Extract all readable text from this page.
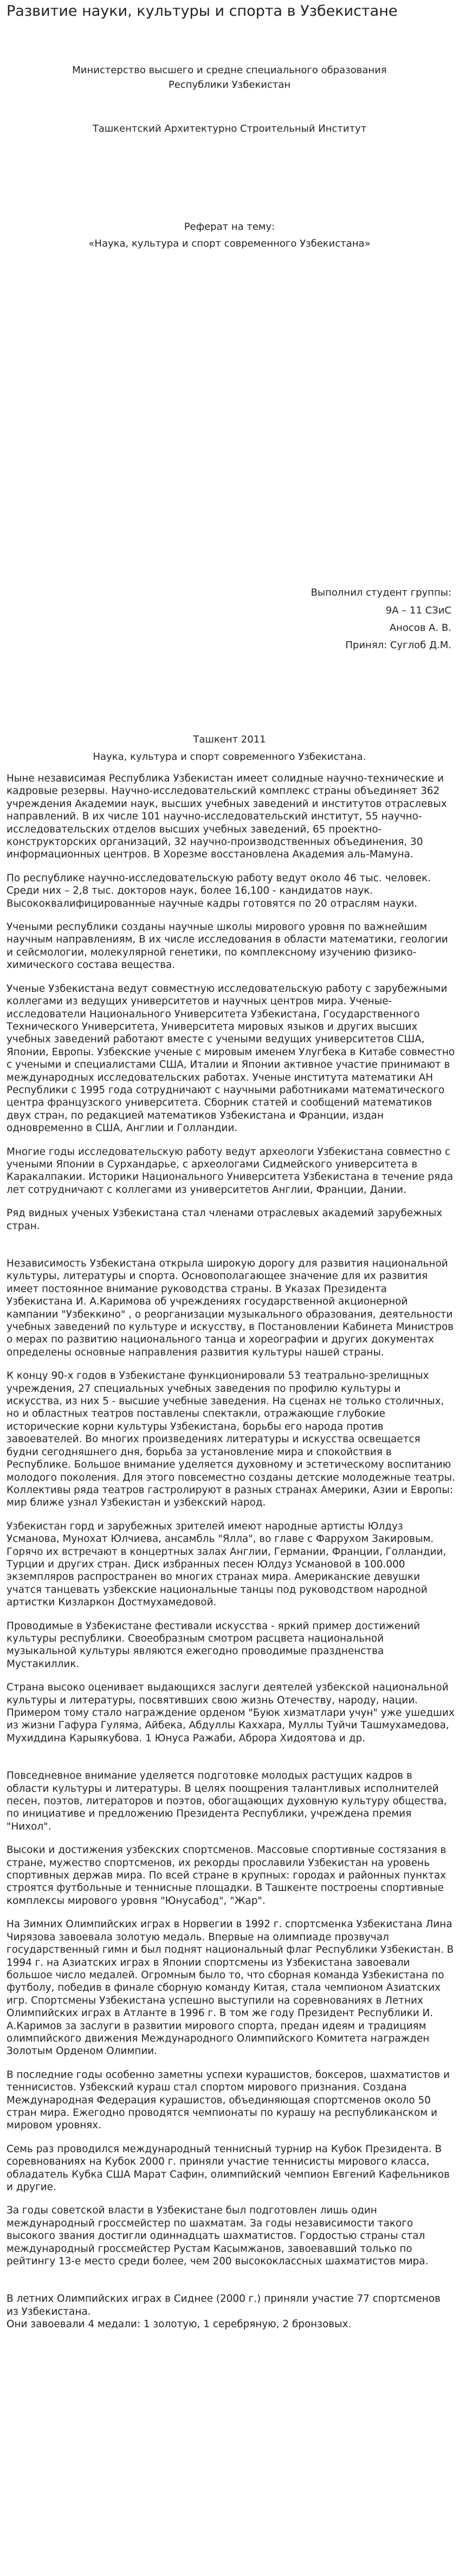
Развитие науки, культуры и спорта в Узбекистане
Министерство высшего и средне специального образования
Республики Узбекистан
Ташкентский Архитектурно Строительный Институт
Реферат на тему:
«Наука, культура и спорт современного Узбекистана»
Выполнил студент группы:
9А – 11 СЗиС
Аносов А. В.
Принял: Суглоб Д.М.
Ташкент 2011
Наука, культура и спорт современного Узбекистана.

Ныне независимая Республика Узбекистан имеет солидные научно-технические и кадровые резервы. Научно-исследовательский комплекс страны объединяет 362 учреждения Академии наук, высших учебных заведений и институтов отраслевых направлений. В их числе 101 научно-исследовательский институт, 55 научно-исследовательских отделов высших учебных заведений, 65 проектно-конструкторских организаций, 32 научно-производственных объединения, 30 информационных центров. В Хорезме восстановлена Академия аль-Мамуна.

По республике научно-исследовательскую работу ведут около 46 тыс. человек. Среди них – 2,8 тыс. докторов наук, более 16,100 - кандидатов наук. Высококвалифицированные научные кадры готовятся по 20 отраслям науки.

Учеными республики созданы научные школы мирового уровня по важнейшим научным направлениям, В их числе исследования в области математики, геологии и сейсмологии, молекулярной генетики, по комплексному изучению физико-химического состава вещества.

Ученые Узбекистана ведут совместную исследовательскую работу с зарубежными коллегами из ведущих университетов и научных центров мира. Ученые-исследователи Национального Университета Узбекистана, Государственного Технического Университета, Университета мировых языков и других высших учебных заведений работают вместе с учеными ведущих университетов США, Японии, Европы. Узбекские ученые с мировым именем Улугбека в Китабе совместно с учеными и специалистами США, Италии и Японии активное участие принимают в международных исследовательских работах. Ученые института математики АН Республики с 1995 года сотрудничают с научными работниками математического центра французского университета. Сборник статей и сообщений математиков двух стран, по редакцией математиков Узбекистана и Франции, издан одновременно в США, Англии и Голландии.

Многие годы исследовательскую работу ведут археологи Узбекистана совместно с учеными Японии в Сурхандарье, с археологами Сидмейского университета в Каракалпакии. Историки Национального Университета Узбекистана в течение ряда лет сотрудничают с коллегами из университетов Англии, Франции, Дании.

Ряд видных ученых Узбекистана стал членами отраслевых академий зарубежных стран.

Независимость Узбекистана открыла широкую дорогу для развития национальной культуры, литературы и спорта. Основополагающее значение для их развития имеет постоянное внимание руководства страны. В Указах Президента Узбекистана И. А.Каримова об учреждениях государственной акционерной кампании "Узбеккино" , о реорганизации музыкального образования, деятельности учебных заведений по культуре и искусству, в Постановлении Кабинета Министров о мерах по развитию национального танца и хореографии и других документах определены основные направления развития культуры нашей страны.

К концу 90-х годов в Узбекистане функционировали 53 театрально-зрелищных учреждения, 27 специальных учебных заведения по профилю культуры и искусства, из них 5 - высшие учебные заведения. На сценах не только столичных, но и областных театров поставлены спектакли, отражающие глубокие исторические корни культуры Узбекистана, борьбы его народа против завоевателей. Во многих произведениях литературы и искусства освещается будни сегодняшнего дня, борьба за установление мира и спокойствия в Республике. Большое внимание уделяется духовному и эстетическому воспитанию молодого поколения. Для этого повсеместно созданы детские молодежные театры. Коллективы ряда театров гастролируют в разных странах Америки, Азии и Европы: мир ближе узнал Узбекистан и узбекский народ.

Узбекистан горд и зарубежных зрителей имеют народные артисты Юлдуз Усманова, Мунохат Юлчиева, ансамбль "Ялла", во главе с Фаррухом Закировым. Горячо их встречают в концертных залах Англии, Германии, Франции, Голландии, Турции и других стран. Диск избранных песен Юлдуз Усмановой в 100.000 экземпляров распространен во многих странах мира. Американские девушки учатся танцевать узбекские национальные танцы под руководством народной артистки Кизларкон Достмухамедовой.

Проводимые в Узбекистане фестивали искусства - яркий пример достижений культуры республики. Своеобразным смотром расцвета национальной музыкальной культуры являются ежегодно проводимые праздненства Мустакиллик.

Страна высоко оценивает выдающихся заслуги деятелей узбекской национальной культуры и литературы, посвятивших свою жизнь Отечеству, народу, нации. Примером тому стало награждение орденом "Буюк хизматлари учун" уже ушедших из жизни Гафура Гуляма, Айбека, Абдуллы Каххара, Муллы Туйчи Ташмухамедова, Мухиддина Карыякубова. 1 Юнуса Ражаби, Аброра Хидоятова и др.

Повседневное внимание уделяется подготовке молодых растущих кадров в области культуры и литературы. В целях поощрения талантливых исполнителей песен, поэтов, литераторов и поэтов, обогащающих духовную культуру общества, по инициативе и предложению Президента Республики, учреждена премия "Нихол".

Высоки и достижения узбекских спортсменов. Массовые спортивные состязания в стране, мужество спортсменов, их рекорды прославили Узбекистан на уровень спортивных держав мира. По всей стране в крупных: городах и районных пунктах строятся футбольные и теннисные площадки. В Ташкенте построены спортивные комплексы мирового уровня "Юнусабод", "Жар".

На Зимних Олимпийских играх в Норвегии в 1992 г. спортсменка Узбекистана Лина Чирязова завоевала золотую медаль. Впервые на олимпиаде прозвучал государственный гимн и был поднят национальный флаг Республики Узбекистан. В 1994 г. на Азиатских играх в Японии спортсмены из Узбекистана завоевали большое число медалей. Огромным было то, что сборная команда Узбекистана по футболу, победив в финале сборную команду Китая, стала чемпионом Азиатских игр. Спортсмены Узбекистана успешно выступили на соревнованиях в Летних Олимпийских играх в Атланте в 1996 г. В том же году Президент Республики И. А.Каримов за заслуги в развитии мирового спорта, предан идеям и традициям олимпийского движения Международного Олимпийского Комитета награжден Золотым Орденом Олимпии.

В последние годы особенно заметны успехи курашистов, боксеров, шахматистов и теннисистов. Узбекский кураш стал спортом мирового признания. Создана Международная Федерация курашистов, объединяющая спортсменов около 50 стран мира. Ежегодно проводятся чемпионаты по курашу на республиканском и мировом уровнях.

Семь раз проводился международный теннисный турнир на Кубок Президента. В соревнованиях на Кубок 2000 г. приняли участие теннисисты мирового класса, обладатель Кубка США Марат Сафин, олимпийский чемпион Евгений Кафельников и другие.

За годы советской власти в Узбекистане был подготовлен лишь один международный гроссмейстер по шахматам. За годы независимости такого высокого звания достигли одиннадцать шахматистов. Гордостью страны стал международный гроссмейстер Рустам Касымжанов, завоевавший только по рейтингу 13-е место среди более, чем 200 высококлассных шахматистов мира.

В летних Олимпийских играх в Сиднее (2000 г.) приняли участие 77 спортсменов из Узбекистана.

Они завоевали 4 медали: 1 золотую, 1 серебряную, 2 бронзовых.
